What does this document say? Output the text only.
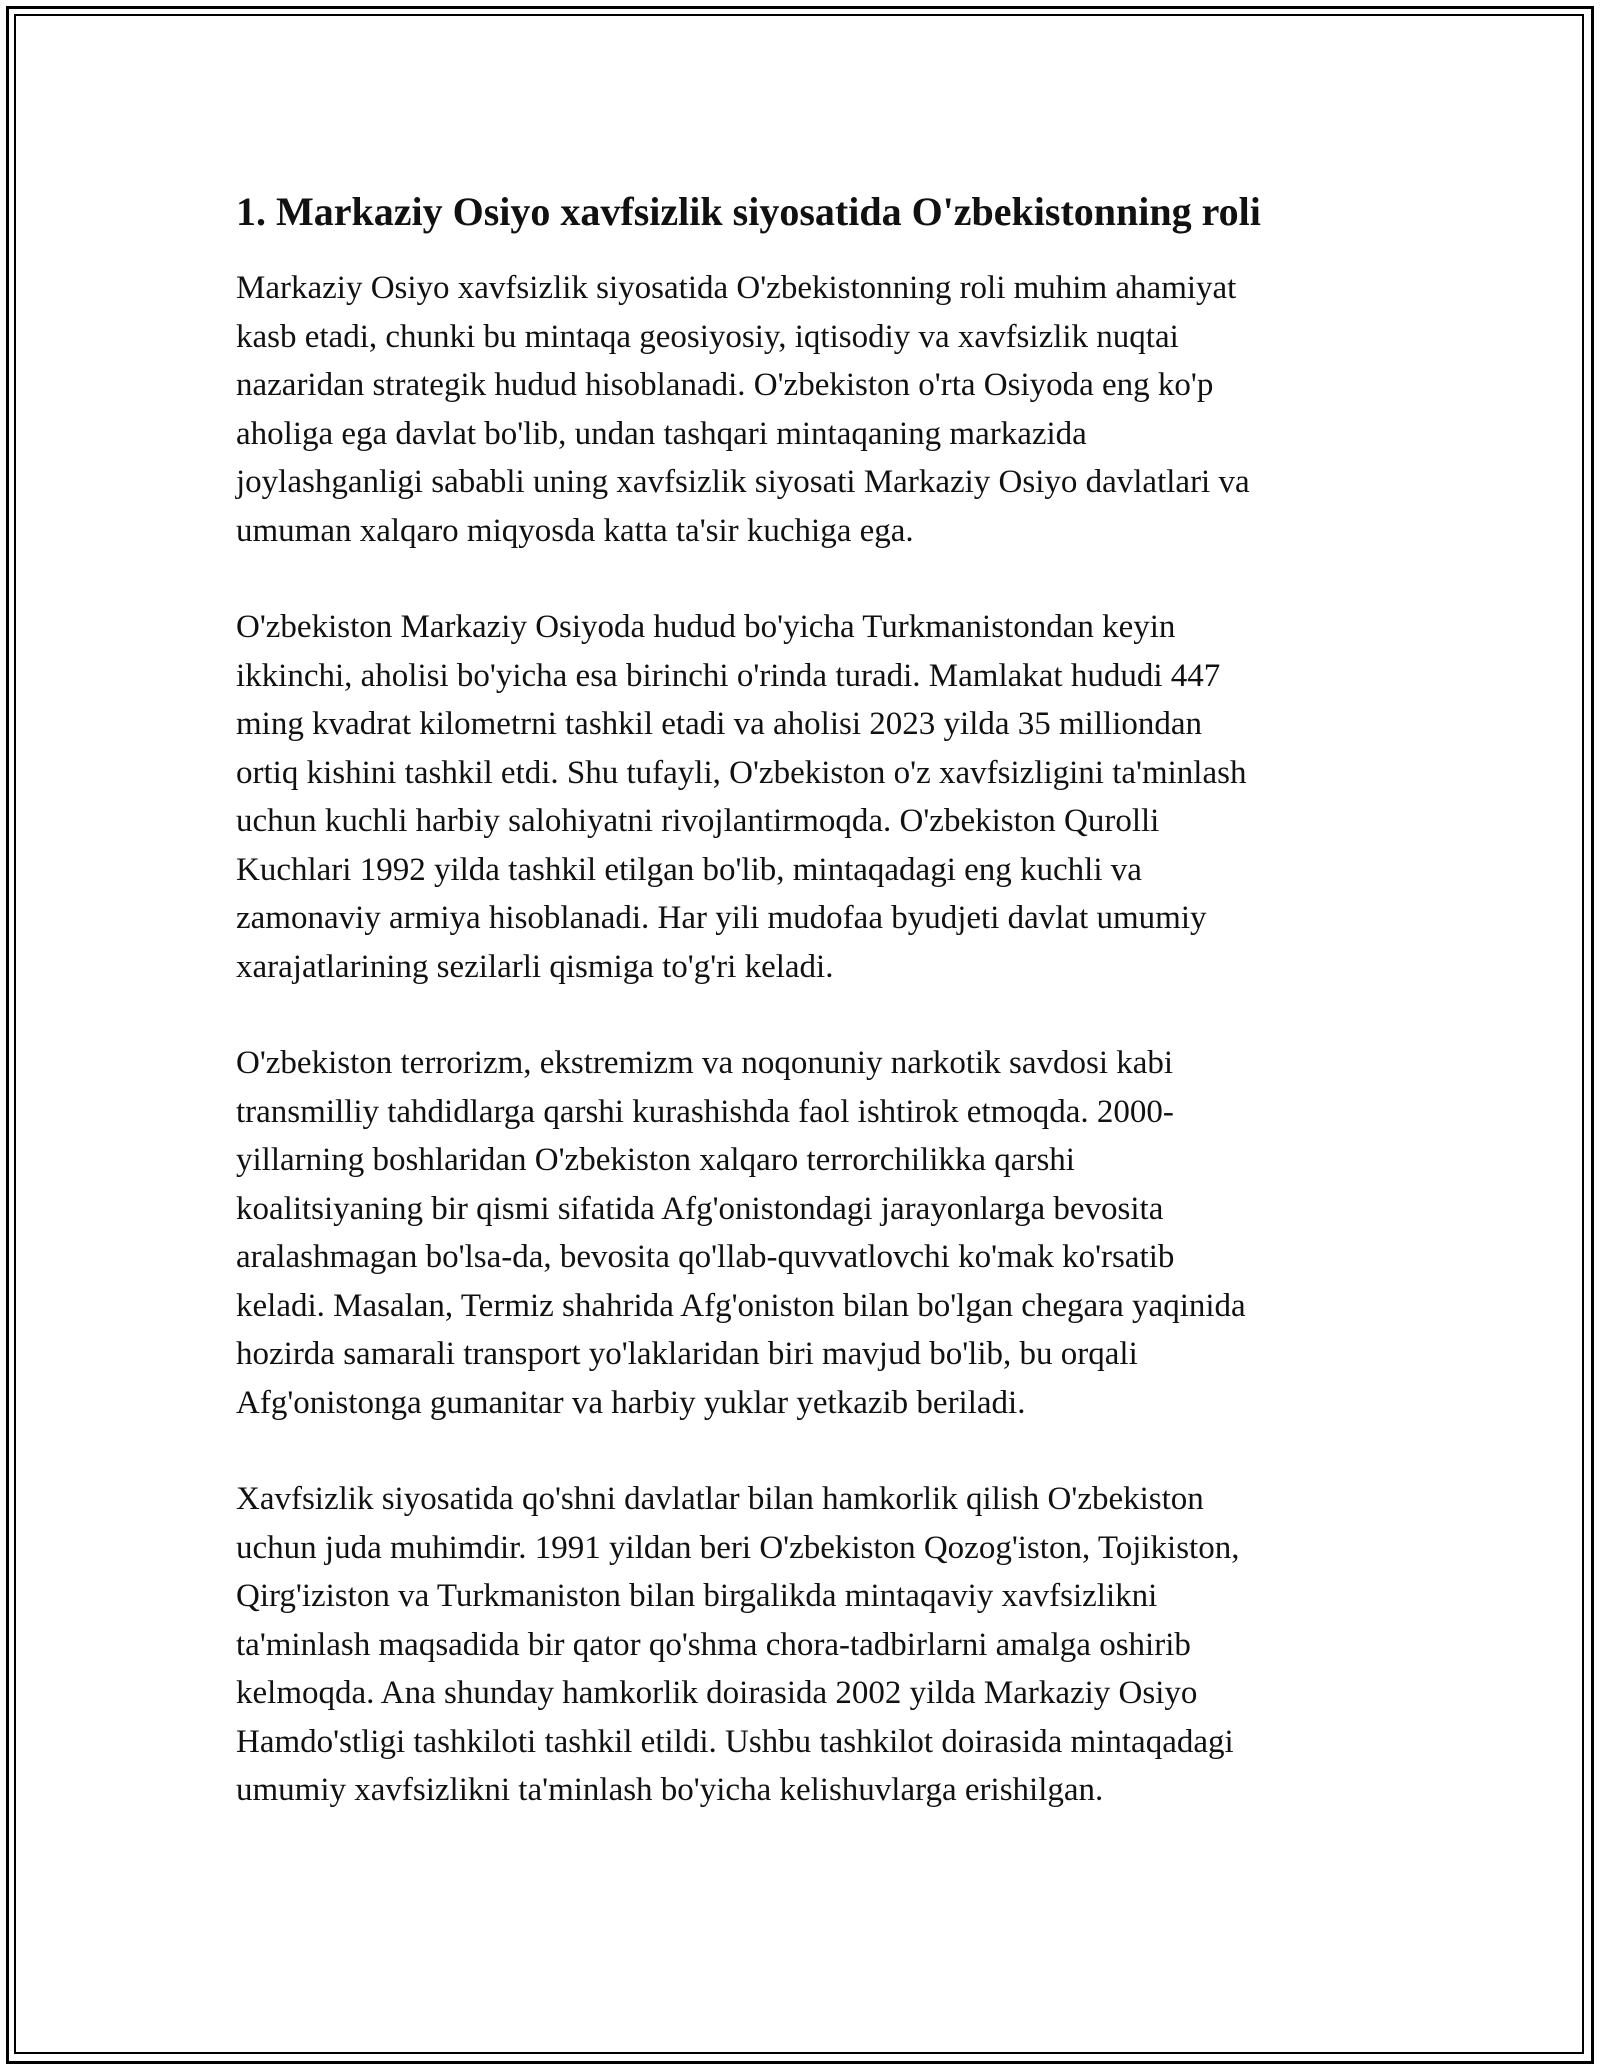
1. Markaziy Osiyo xavfsizlik siyosatida O'zbekistonning roli

Markaziy Osiyo xavfsizlik siyosatida O'zbekistonning roli muhim ahamiyat
kasb etadi, chunki bu mintaqa geosiyosiy, iqtisodiy va xavfsizlik nuqtai
nazaridan strategik hudud hisoblanadi. O'zbekiston o'rta Osiyoda eng ko'p
aholiga ega davlat bo'lib, undan tashqari mintaqaning markazida
joylashganligi sababli uning xavfsizlik siyosati Markaziy Osiyo davlatlari va
umuman xalqaro miqyosda katta ta'sir kuchiga ega.

O'zbekiston Markaziy Osiyoda hudud bo'yicha Turkmanistondan keyin
ikkinchi, aholisi bo'yicha esa birinchi o'rinda turadi. Mamlakat hududi 447
ming kvadrat kilometrni tashkil etadi va aholisi 2023 yilda 35 milliondan
ortiq kishini tashkil etdi. Shu tufayli, O'zbekiston o'z xavfsizligini ta'minlash
uchun kuchli harbiy salohiyatni rivojlantirmoqda. O'zbekiston Qurolli
Kuchlari 1992 yilda tashkil etilgan bo'lib, mintaqadagi eng kuchli va
zamonaviy armiya hisoblanadi. Har yili mudofaa byudjeti davlat umumiy
xarajatlarining sezilarli qismiga to'g'ri keladi.

O'zbekiston terrorizm, ekstremizm va noqonuniy narkotik savdosi kabi
transmilliy tahdidlarga qarshi kurashishda faol ishtirok etmoqda. 2000-
yillarning boshlaridan O'zbekiston xalqaro terrorchilikka qarshi
koalitsiyaning bir qismi sifatida Afg'onistondagi jarayonlarga bevosita
aralashmagan bo'lsa-da, bevosita qo'llab-quvvatlovchi ko'mak ko'rsatib
keladi. Masalan, Termiz shahrida Afg'oniston bilan bo'lgan chegara yaqinida
hozirda samarali transport yo'laklaridan biri mavjud bo'lib, bu orqali
Afg'onistonga gumanitar va harbiy yuklar yetkazib beriladi.

Xavfsizlik siyosatida qo'shni davlatlar bilan hamkorlik qilish O'zbekiston
uchun juda muhimdir. 1991 yildan beri O'zbekiston Qozog'iston, Tojikiston,
Qirg'iziston va Turkmaniston bilan birgalikda mintaqaviy xavfsizlikni
ta'minlash maqsadida bir qator qo'shma chora-tadbirlarni amalga oshirib
kelmoqda. Ana shunday hamkorlik doirasida 2002 yilda Markaziy Osiyo
Hamdo'stligi tashkiloti tashkil etildi. Ushbu tashkilot doirasida mintaqadagi
umumiy xavfsizlikni ta'minlash bo'yicha kelishuvlarga erishilgan.
